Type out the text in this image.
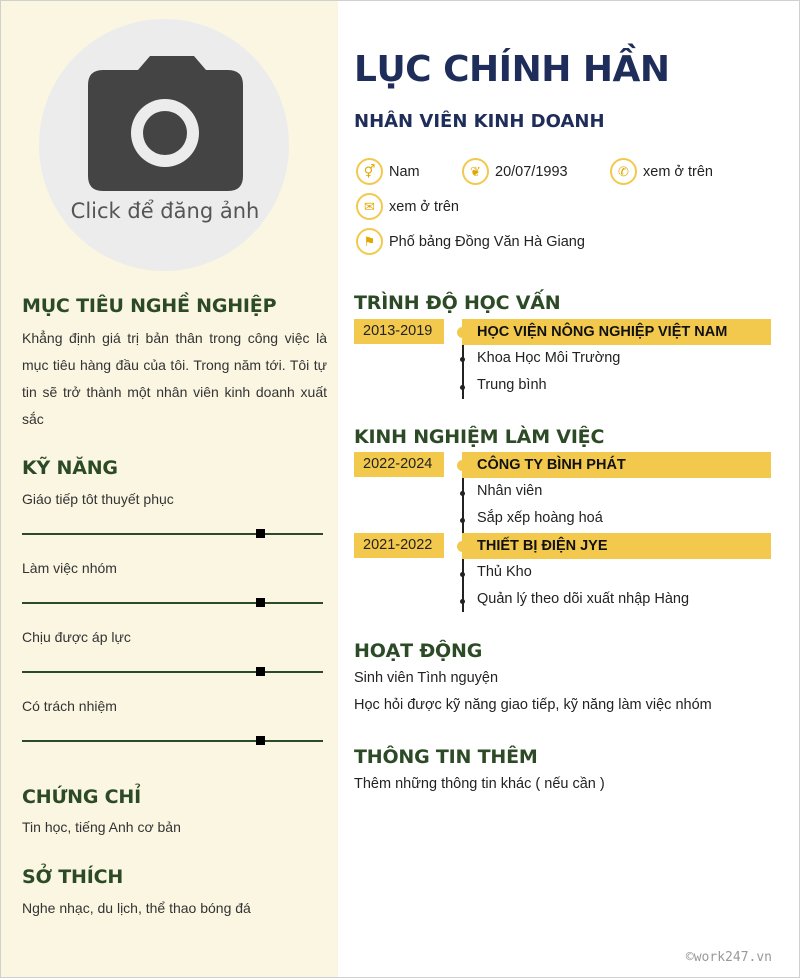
Click để đăng ảnh
MỤC TIÊU NGHỀ NGHIỆP
Khẳng định giá trị bản thân trong công việc là mục tiêu hàng đầu của tôi. Trong năm tới. Tôi tự tin sẽ trở thành một nhân viên kinh doanh xuất sắc
KỸ NĂNG
Giáo tiếp tôt thuyết phục
Làm việc nhóm
Chịu được áp lực
Có trách nhiệm
CHỨNG CHỈ
Tin học, tiếng Anh cơ bản
SỞ THÍCH
Nghe nhạc, du lịch, thể thao bóng đá
LỤC CHÍNH HẦN
NHÂN VIÊN KINH DOANH
⚥ Nam	❦ 20/07/1993	✆ xem ở trên
✉ xem ở trên
⚑ Phố bảng Đồng Văn Hà Giang
TRÌNH ĐỘ HỌC VẤN
2013-2019	HỌC VIỆN NÔNG NGHIỆP VIỆT NAM
Khoa Học Môi Trường
Trung bình
KINH NGHIỆM LÀM VIỆC
2022-2024	CÔNG TY BÌNH PHÁT
Nhân viên
Sắp xếp hoàng hoá
2021-2022	THIẾT BỊ ĐIỆN JYE
Thủ Kho
Quản lý theo dõi xuất nhập Hàng
HOẠT ĐỘNG
Sinh viên Tình nguyện
Học hỏi được kỹ năng giao tiếp, kỹ năng làm việc nhóm
THÔNG TIN THÊM
Thêm những thông tin khác ( nếu cần )
©work247.vn
